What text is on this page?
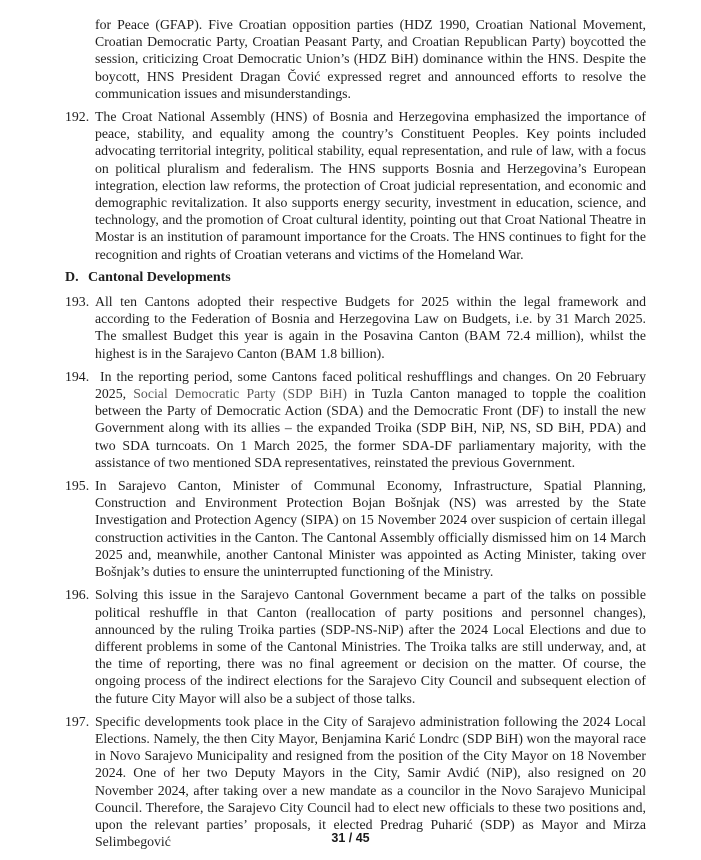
for Peace (GFAP). Five Croatian opposition parties (HDZ 1990, Croatian National Movement, Croatian Democratic Party, Croatian Peasant Party, and Croatian Republican Party) boycotted the session, criticizing Croat Democratic Union’s (HDZ BiH) dominance within the HNS. Despite the boycott, HNS President Dragan Čović expressed regret and announced efforts to resolve the communication issues and misunderstandings.

192. The Croat National Assembly (HNS) of Bosnia and Herzegovina emphasized the importance of peace, stability, and equality among the country’s Constituent Peoples. Key points included advocating territorial integrity, political stability, equal representation, and rule of law, with a focus on political pluralism and federalism. The HNS supports Bosnia and Herzegovina’s European integration, election law reforms, the protection of Croat judicial representation, and economic and demographic revitalization. It also supports energy security, investment in education, science, and technology, and the promotion of Croat cultural identity, pointing out that Croat National Theatre in Mostar is an institution of paramount importance for the Croats. The HNS continues to fight for the recognition and rights of Croatian veterans and victims of the Homeland War.

D. Cantonal Developments

193. All ten Cantons adopted their respective Budgets for 2025 within the legal framework and according to the Federation of Bosnia and Herzegovina Law on Budgets, i.e. by 31 March 2025. The smallest Budget this year is again in the Posavina Canton (BAM 72.4 million), whilst the highest is in the Sarajevo Canton (BAM 1.8 billion).

194. In the reporting period, some Cantons faced political reshufflings and changes. On 20 February 2025, Social Democratic Party (SDP BiH) in Tuzla Canton managed to topple the coalition between the Party of Democratic Action (SDA) and the Democratic Front (DF) to install the new Government along with its allies – the expanded Troika (SDP BiH, NiP, NS, SD BiH, PDA) and two SDA turncoats. On 1 March 2025, the former SDA-DF parliamentary majority, with the assistance of two mentioned SDA representatives, reinstated the previous Government.

195. In Sarajevo Canton, Minister of Communal Economy, Infrastructure, Spatial Planning, Construction and Environment Protection Bojan Bošnjak (NS) was arrested by the State Investigation and Protection Agency (SIPA) on 15 November 2024 over suspicion of certain illegal construction activities in the Canton. The Cantonal Assembly officially dismissed him on 14 March 2025 and, meanwhile, another Cantonal Minister was appointed as Acting Minister, taking over Bošnjak’s duties to ensure the uninterrupted functioning of the Ministry.

196. Solving this issue in the Sarajevo Cantonal Government became a part of the talks on possible political reshuffle in that Canton (reallocation of party positions and personnel changes), announced by the ruling Troika parties (SDP-NS-NiP) after the 2024 Local Elections and due to different problems in some of the Cantonal Ministries. The Troika talks are still underway, and, at the time of reporting, there was no final agreement or decision on the matter. Of course, the ongoing process of the indirect elections for the Sarajevo City Council and subsequent election of the future City Mayor will also be a subject of those talks.

197. Specific developments took place in the City of Sarajevo administration following the 2024 Local Elections. Namely, the then City Mayor, Benjamina Karić Londrc (SDP BiH) won the mayoral race in Novo Sarajevo Municipality and resigned from the position of the City Mayor on 18 November 2024. One of her two Deputy Mayors in the City, Samir Avdić (NiP), also resigned on 20 November 2024, after taking over a new mandate as a councilor in the Novo Sarajevo Municipal Council. Therefore, the Sarajevo City Council had to elect new officials to these two positions and, upon the relevant parties’ proposals, it elected Predrag Puharić (SDP) as Mayor and Mirza Selimbegović	31 / 45
